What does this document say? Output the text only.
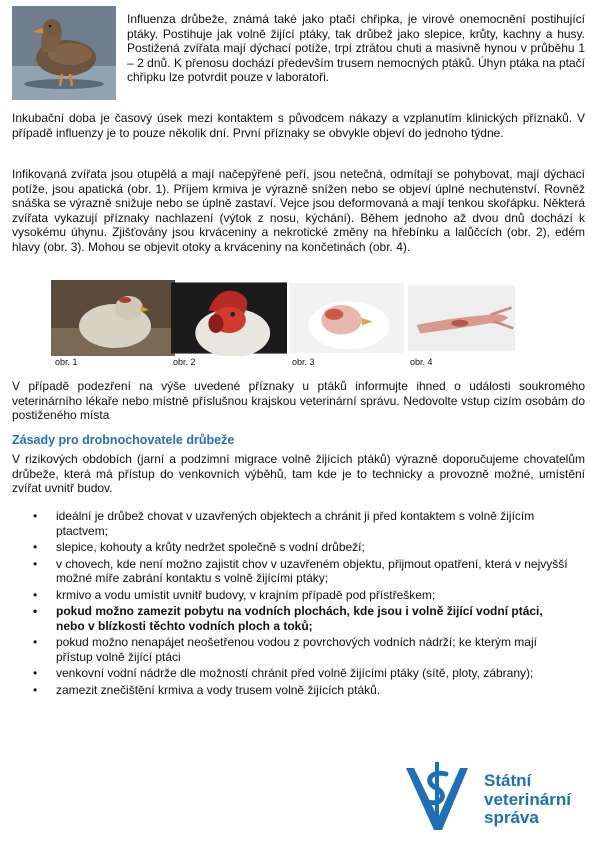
Influenza drůbeže, známá také jako ptačí chřipka, je virové onemocnění postihující ptáky. Postihuje jak volně žijící ptáky, tak drůbež jako slepice, krůty, kachny a husy. Postižená zvířata mají dýchací potíže, trpí ztrátou chuti a masivně hynou v průběhu 1 – 2 dnů. K přenosu dochází především trusem nemocných ptáků. Úhyn ptáka na ptačí chřipku lze potvrdit pouze v laboratoři.

Inkubační doba je časový úsek mezi kontaktem s původcem nákazy a vzplanutím klinických příznaků. V případě influenzy je to pouze několik dní. První příznaky se obvykle objeví do jednoho týdne.

Infikovaná zvířata jsou otupělá a mají načepýřené peří, jsou netečná, odmítají se pohybovat, mají dýchací potíže, jsou apatická (obr. 1). Příjem krmiva je výrazně snížen nebo se objeví úplné nechutenství. Rovněž snáška se výrazně snižuje nebo se úplně zastaví. Vejce jsou deformovaná a mají tenkou skořápku. Některá zvířata vykazují příznaky nachlazení (výtok z nosu, kýchání). Během jednoho až dvou dnů dochází k vysokému úhynu. Zjišťovány jsou krváceniny a nekrotické změny na hřebínku a lalůčcích (obr. 2), edém hlavy (obr. 3). Mohou se objevit otoky a krváceniny na končetinách (obr. 4).

obr. 1	obr. 2	obr. 3	obr. 4

V případě podezření na výše uvedené příznaky u ptáků informujte ihned o události soukromého veterinárního lékaře nebo místně příslušnou krajskou veterinární správu. Nedovolte vstup cizím osobám do postiženého místa

Zásady pro drobnochovatele drůbeže

V rizikových obdobích (jarní a podzimní migrace volně žijících ptáků) výrazně doporučujeme chovatelům drůbeže, která má přístup do venkovních výběhů, tam kde je to technicky a provozně možné, umístění zvířat uvnitř budov.

• ideální je drůbež chovat v uzavřených objektech a chránit ji před kontaktem s volně žijícím ptactvem;
• slepice, kohouty a krůty nedržet společně s vodní drůbeží;
• v chovech, kde není možno zajistit chov v uzavřeném objektu, přijmout opatření, která v nejvyšší možné míře zabrání kontaktu s volně žijícími ptáky;
• krmivo a vodu umístit uvnitř budovy, v krajním případě pod přístřeškem;
• pokud možno zamezit pobytu na vodních plochách, kde jsou i volně žijící vodní ptáci, nebo v blízkosti těchto vodních ploch a toků;
• pokud možno nenapájet neošetřenou vodou z povrchových vodních nádrží; ke kterým mají přístup volně žijící ptáci
• venkovní vodní nádrže dle možností chránit před volně žijícími ptáky (sítě, ploty, zábrany);
• zamezit znečištění krmiva a vody trusem volně žijících ptáků.
Státní
veterinární
správa
